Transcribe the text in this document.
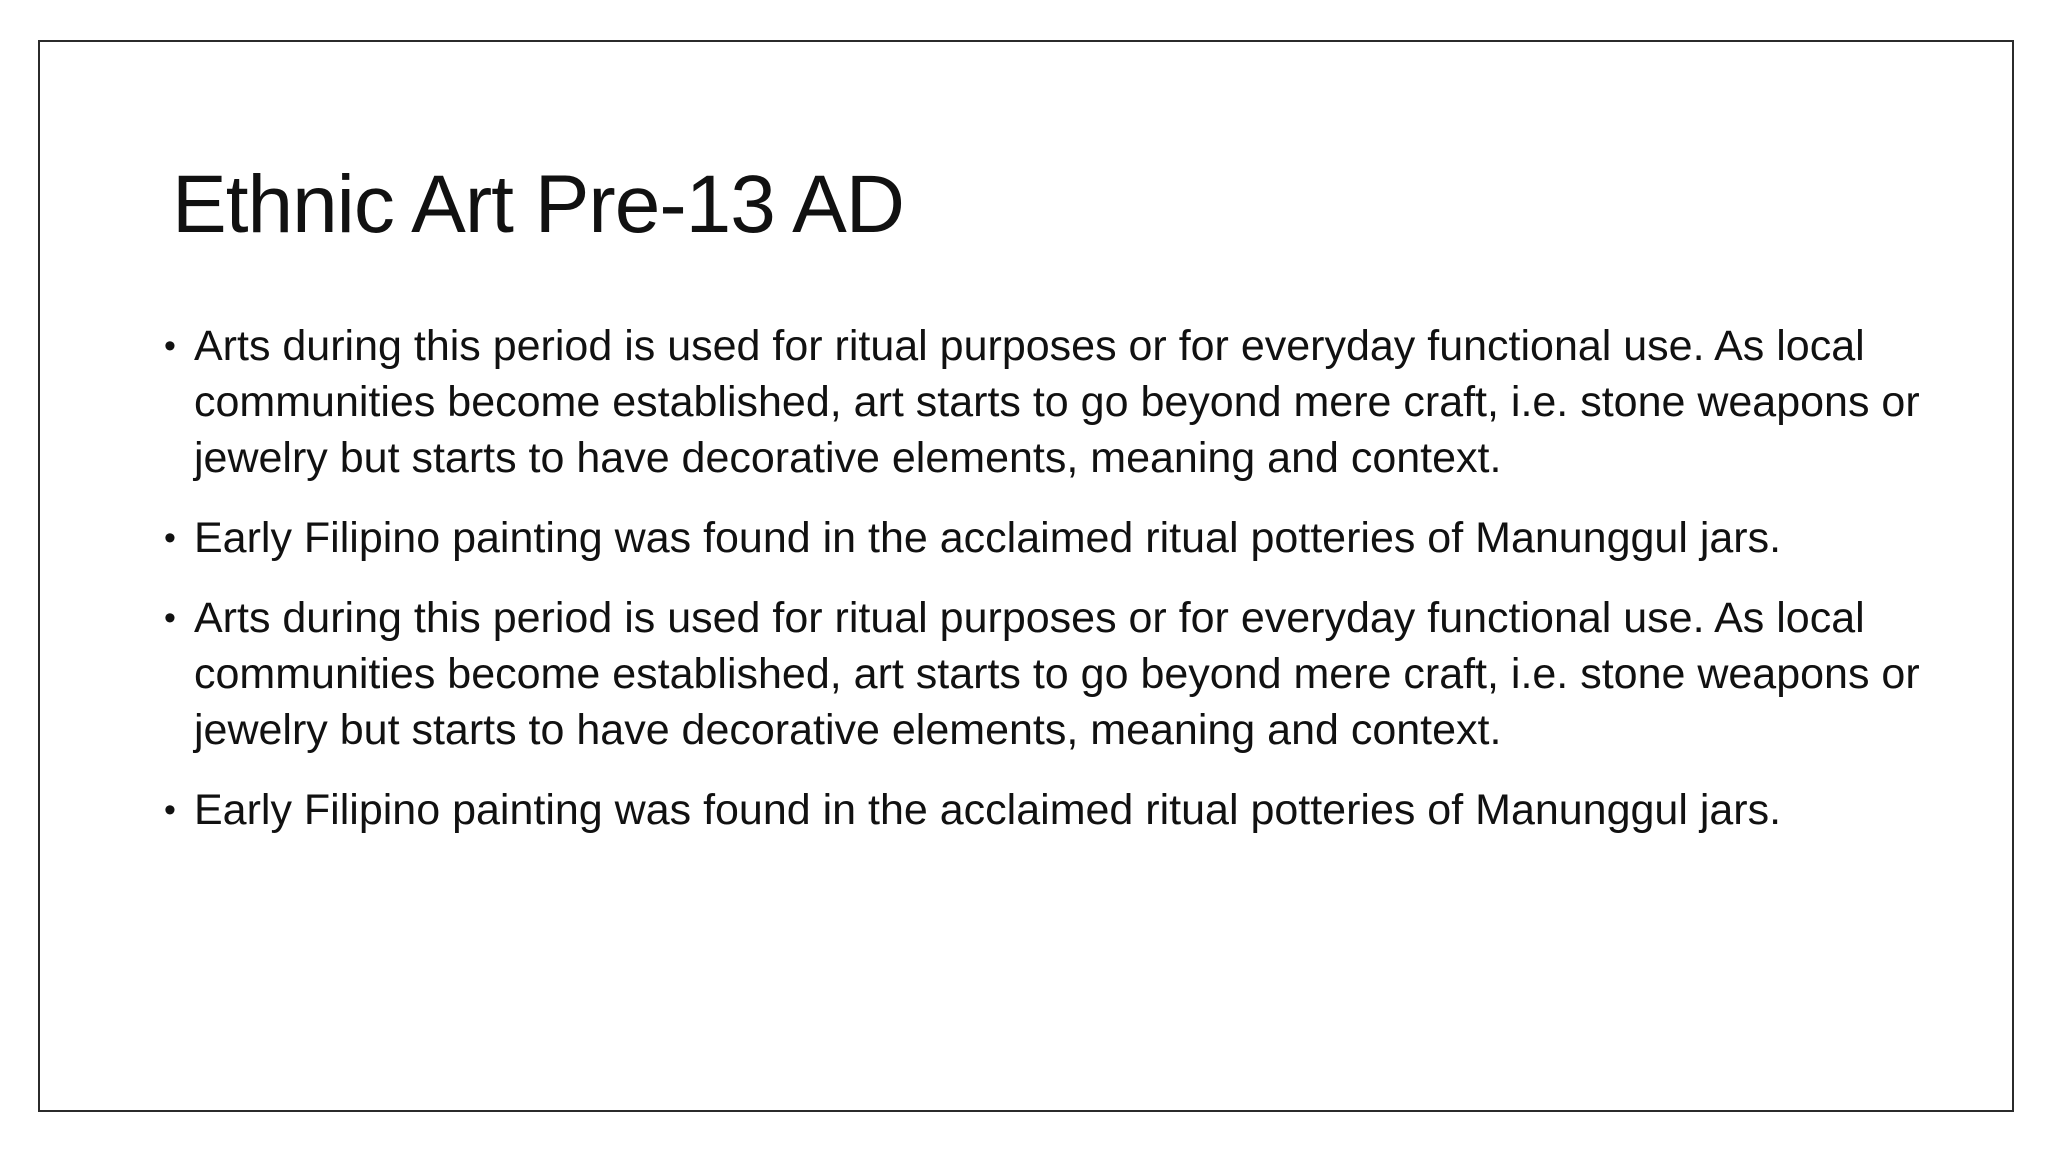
Ethnic Art Pre-13 AD
• Arts during this period is used for ritual purposes or for everyday functional use. As local communities become established, art starts to go beyond mere craft, i.e. stone weapons or jewelry but starts to have decorative elements, meaning and context.
• Early Filipino painting was found in the acclaimed ritual potteries of Manunggul jars.
• Arts during this period is used for ritual purposes or for everyday functional use. As local communities become established, art starts to go beyond mere craft, i.e. stone weapons or jewelry but starts to have decorative elements, meaning and context.
• Early Filipino painting was found in the acclaimed ritual potteries of Manunggul jars.
